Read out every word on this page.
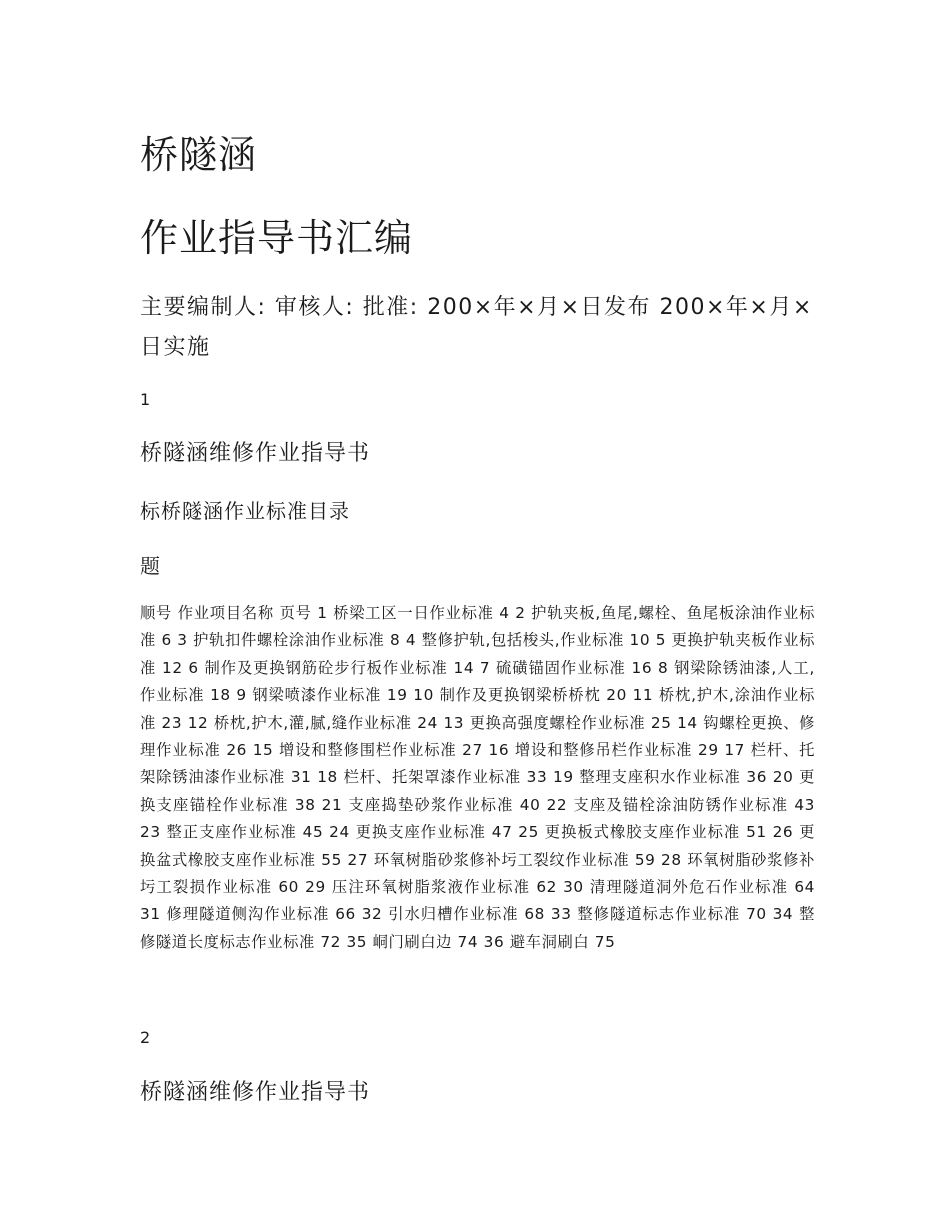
桥隧涵
作业指导书汇编
主要编制人: 审核人: 批准: 200×年×月×日发布 200×年×月×日实施
1
桥隧涵维修作业指导书
标桥隧涵作业标准目录
题
顺号 作业项目名称 页号 1 桥梁工区一日作业标准 4 2 护轨夹板,鱼尾,螺栓、鱼尾板涂油作业标准 6 3 护轨扣件螺栓涂油作业标准 8 4 整修护轨,包括梭头,作业标准 10 5 更换护轨夹板作业标准 12 6 制作及更换钢筋砼步行板作业标准 14 7 硫磺锚固作业标准 16 8 钢梁除锈油漆,人工,作业标准 18 9 钢梁喷漆作业标准 19 10 制作及更换钢梁桥桥枕 20 11 桥枕,护木,涂油作业标准 23 12 桥枕,护木,灌,腻,缝作业标准 24 13 更换高强度螺栓作业标准 25 14 钩螺栓更换、修理作业标准 26 15 增设和整修围栏作业标准 27 16 增设和整修吊栏作业标准 29 17 栏杆、托架除锈油漆作业标准 31 18 栏杆、托架罩漆作业标准 33 19 整理支座积水作业标准 36 20 更换支座锚栓作业标准 38 21 支座捣垫砂浆作业标准 40 22 支座及锚栓涂油防锈作业标准 43 23 整正支座作业标准 45 24 更换支座作业标准 47 25 更换板式橡胶支座作业标准 51 26 更换盆式橡胶支座作业标准 55 27 环氧树脂砂浆修补圬工裂纹作业标准 59 28 环氧树脂砂浆修补圬工裂损作业标准 60 29 压注环氧树脂浆液作业标准 62 30 清理隧道洞外危石作业标准 64 31 修理隧道侧沟作业标准 66 32 引水归槽作业标准 68 33 整修隧道标志作业标准 70 34 整修隧道长度标志作业标准 72 35 峒门刷白边 74 36 避车洞刷白 75
2
桥隧涵维修作业指导书
